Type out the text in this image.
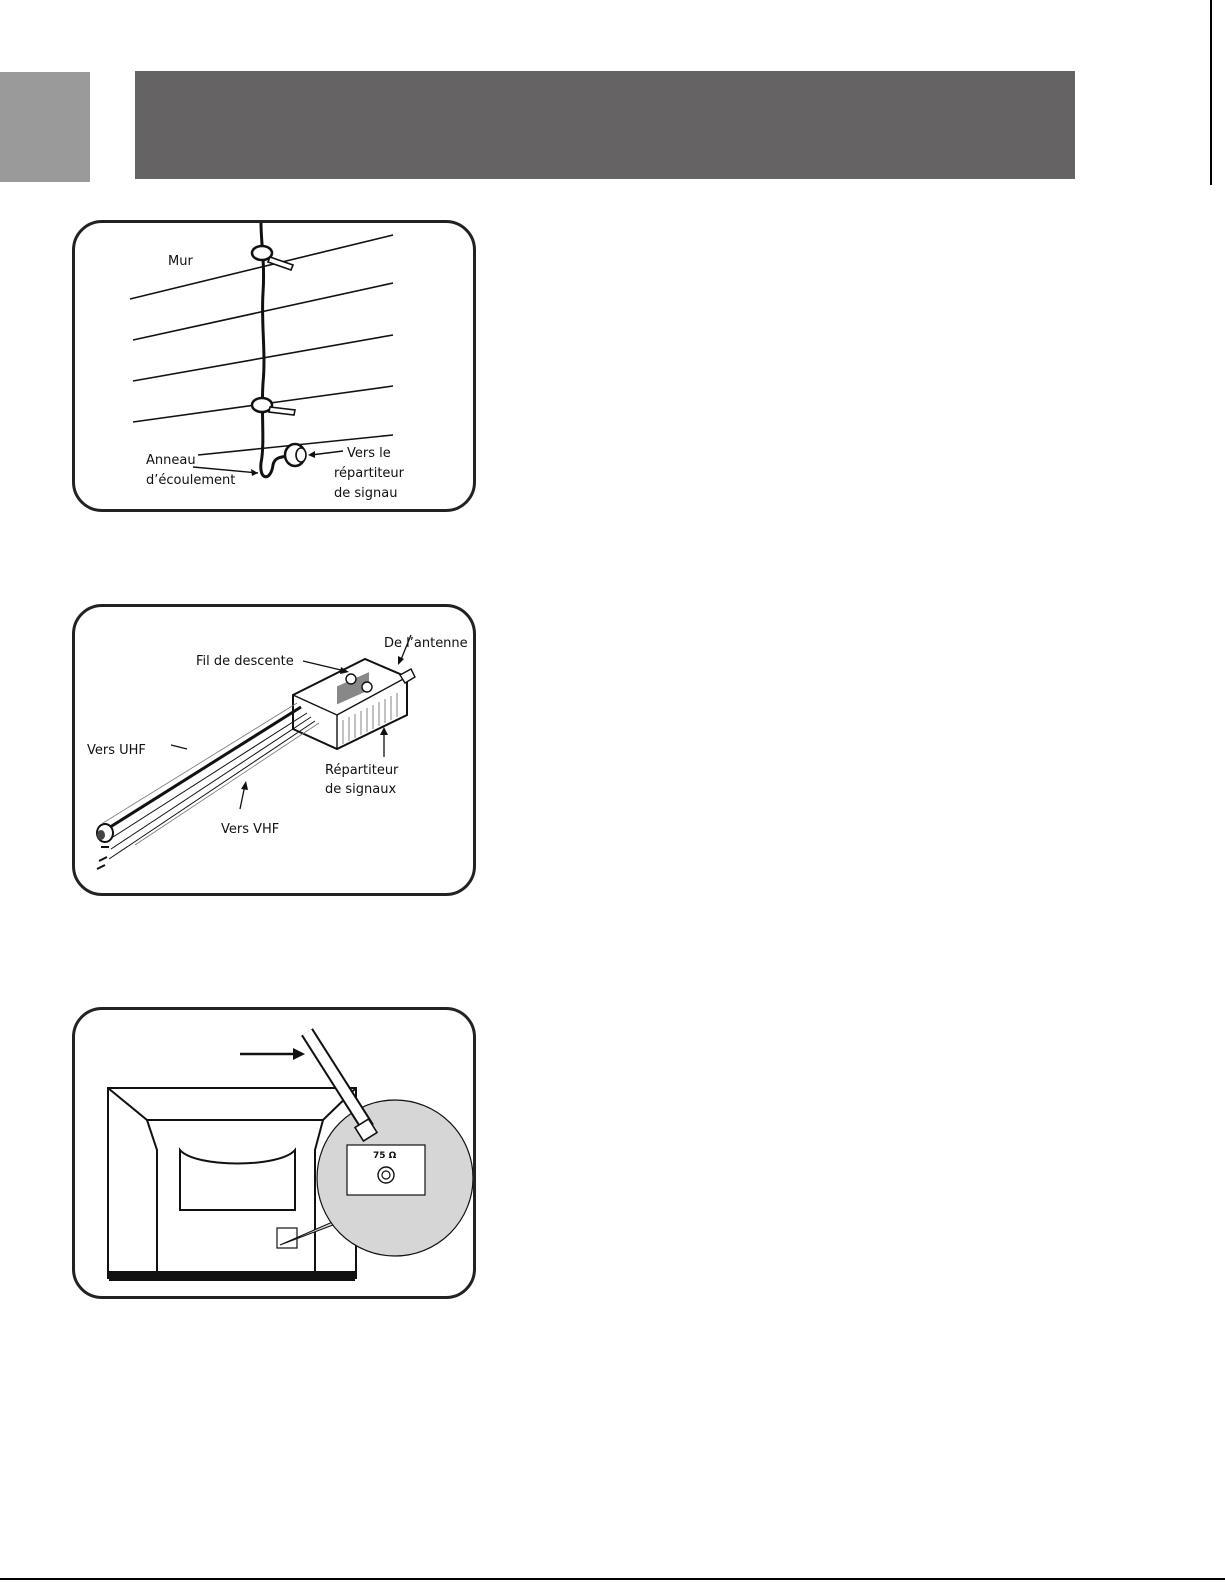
Mur
Anneau
d’écoulement
Vers le
répartiteur
de signau
De l’antenne
Fil de descente
Vers UHF
Vers VHF
Répartiteur
de signaux
75 Ω
